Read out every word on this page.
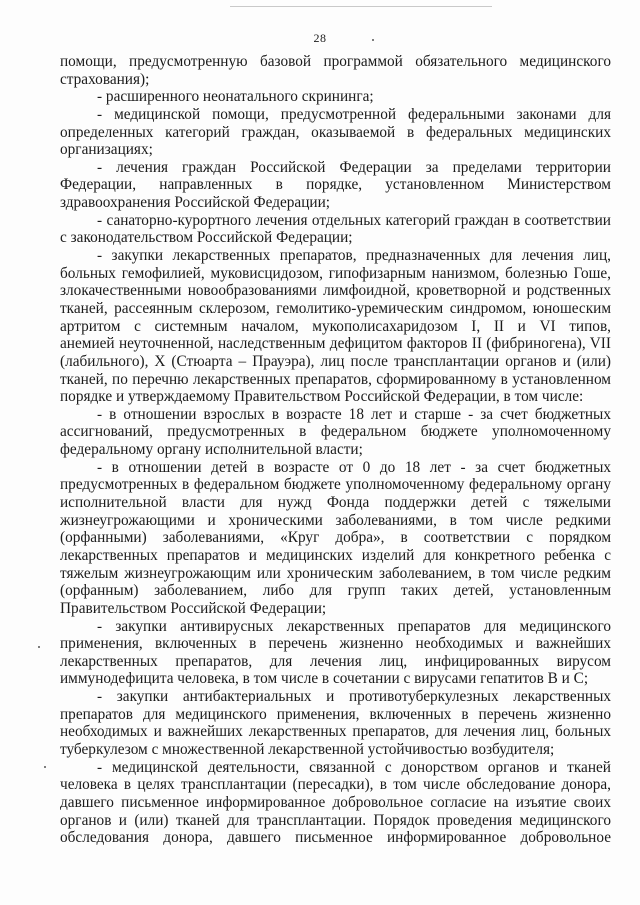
28
помощи, предусмотренную базовой программой обязательного медицинского
страхования);
- расширенного неонатального скрининга;
- медицинской помощи, предусмотренной федеральными законами для
определенных категорий граждан, оказываемой в федеральных медицинских
организациях;
- лечения граждан Российской Федерации за пределами территории
Федерации, направленных в порядке, установленном Министерством
здравоохранения Российской Федерации;
- санаторно-курортного лечения отдельных категорий граждан в соответствии
с законодательством Российской Федерации;
- закупки лекарственных препаратов, предназначенных для лечения лиц,
больных гемофилией, муковисцидозом, гипофизарным нанизмом, болезнью Гоше,
злокачественными новообразованиями лимфоидной, кроветворной и родственных
тканей, рассеянным склерозом, гемолитико-уремическим синдромом, юношеским
артритом с системным началом, мукополисахаридозом I, II и VI типов,
анемией неуточненной, наследственным дефицитом факторов II (фибриногена), VII
(лабильного), X (Стюарта – Прауэра), лиц после трансплантации органов и (или)
тканей, по перечню лекарственных препаратов, сформированному в установленном
порядке и утверждаемому Правительством Российской Федерации, в том числе:
- в отношении взрослых в возрасте 18 лет и старше - за счет бюджетных
ассигнований, предусмотренных в федеральном бюджете уполномоченному
федеральному органу исполнительной власти;
- в отношении детей в возрасте от 0 до 18 лет - за счет бюджетных
предусмотренных в федеральном бюджете уполномоченному федеральному органу
исполнительной власти для нужд Фонда поддержки детей с тяжелыми
жизнеугрожающими и хроническими заболеваниями, в том числе редкими
(орфанными) заболеваниями, «Круг добра», в соответствии с порядком
лекарственных препаратов и медицинских изделий для конкретного ребенка с
тяжелым жизнеугрожающим или хроническим заболеванием, в том числе редким
(орфанным) заболеванием, либо для групп таких детей, установленным
Правительством Российской Федерации;
- закупки антивирусных лекарственных препаратов для медицинского
применения, включенных в перечень жизненно необходимых и важнейших
лекарственных препаратов, для лечения лиц, инфицированных вирусом
иммунодефицита человека, в том числе в сочетании с вирусами гепатитов B и C;
- закупки антибактериальных и противотуберкулезных лекарственных
препаратов для медицинского применения, включенных в перечень жизненно
необходимых и важнейших лекарственных препаратов, для лечения лиц, больных
туберкулезом с множественной лекарственной устойчивостью возбудителя;
- медицинской деятельности, связанной с донорством органов и тканей
человека в целях трансплантации (пересадки), в том числе обследование донора,
давшего письменное информированное добровольное согласие на изъятие своих
органов и (или) тканей для трансплантации. Порядок проведения медицинского
обследования донора, давшего письменное информированное добровольное
